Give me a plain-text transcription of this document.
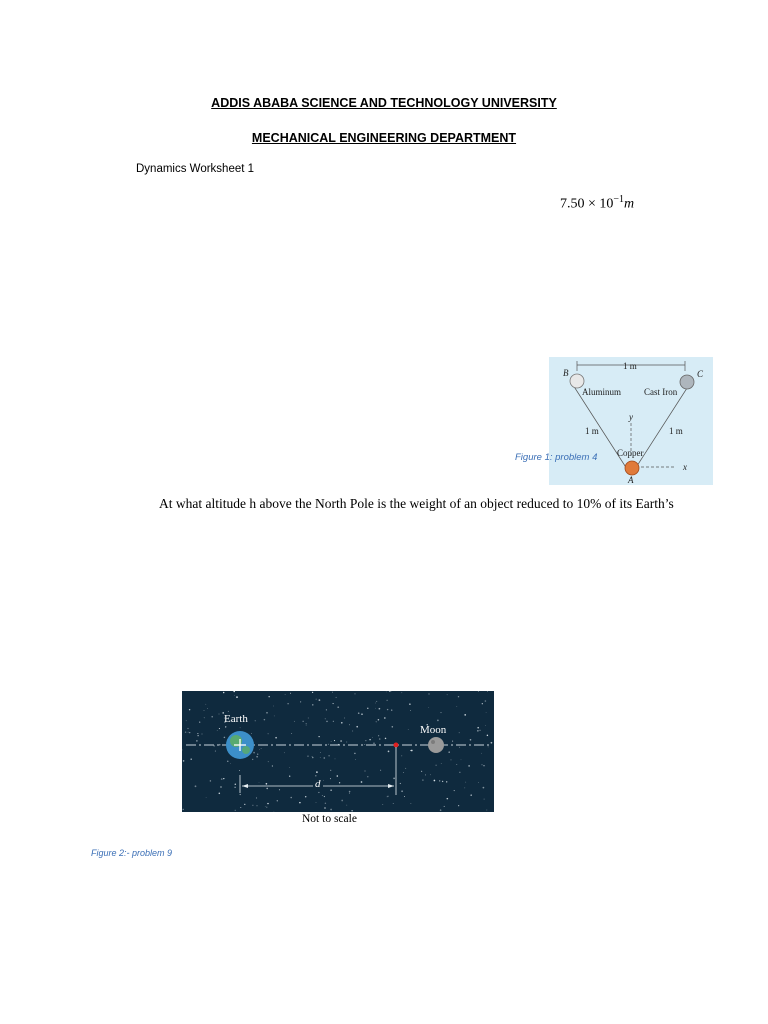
ADDIS ABABA SCIENCE AND TECHNOLOGY UNIVERSITY
MECHANICAL ENGINEERING DEPARTMENT
Dynamics Worksheet 1
$7.50 \times 10^{-1}m$
1 m
B	C
Aluminum	Cast Iron
y
1 m	1 m
Copper
x
A
Figure 1: problem 4
At what altitude h above the North Pole is the weight of an object reduced to 10% of its Earth’s
Earth
Moon
d
Not to scale
Figure 2:- problem 9
